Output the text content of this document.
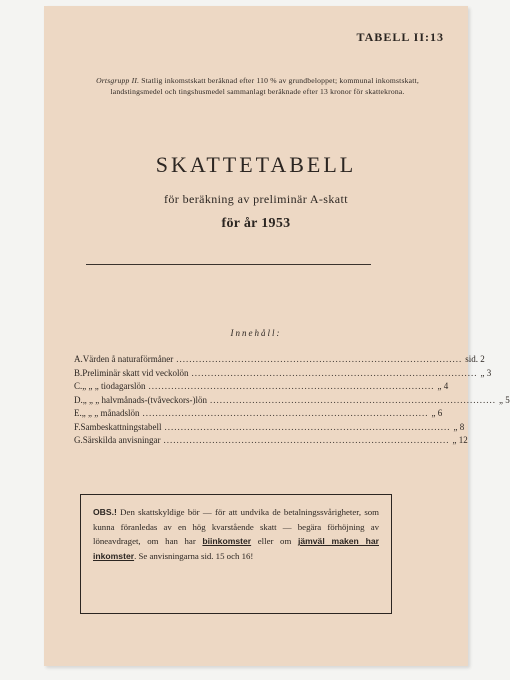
TABELL II:13
Ortsgrupp II. Statlig inkomstskatt beräknad efter 110 % av grundbeloppet; kommunal inkomstskatt, landstingsmedel och tingshusmedel sammanlagt beräknade efter 13 kronor för skattekrona.
SKATTETABELL
för beräkning av preliminär A-skatt
för år 1953
Innehåll:
A. Värden å naturaförmåner ........................................................................................ sid. 2
B. Preliminär skatt vid veckolön ........................................................................................ „ 3
C. „ „ „ tiodagarslön ........................................................................................ „ 4
D. „ „ „ halvmånads-(tvåveckors-)lön ........................................................................................ „ 5
E. „ „ „ månadslön ........................................................................................ „ 6
F. Sambeskattningstabell ........................................................................................ „ 8
G. Särskilda anvisningar ........................................................................................ „ 12
OBS.! Den skattskyldige bör — för att undvika de betalningssvårigheter, som kunna föranledas av en hög kvarstående skatt — begära förhöjning av löneavdraget, om han har biinkomster eller om jämväl maken har inkomster. Se anvisningarna sid. 15 och 16!
